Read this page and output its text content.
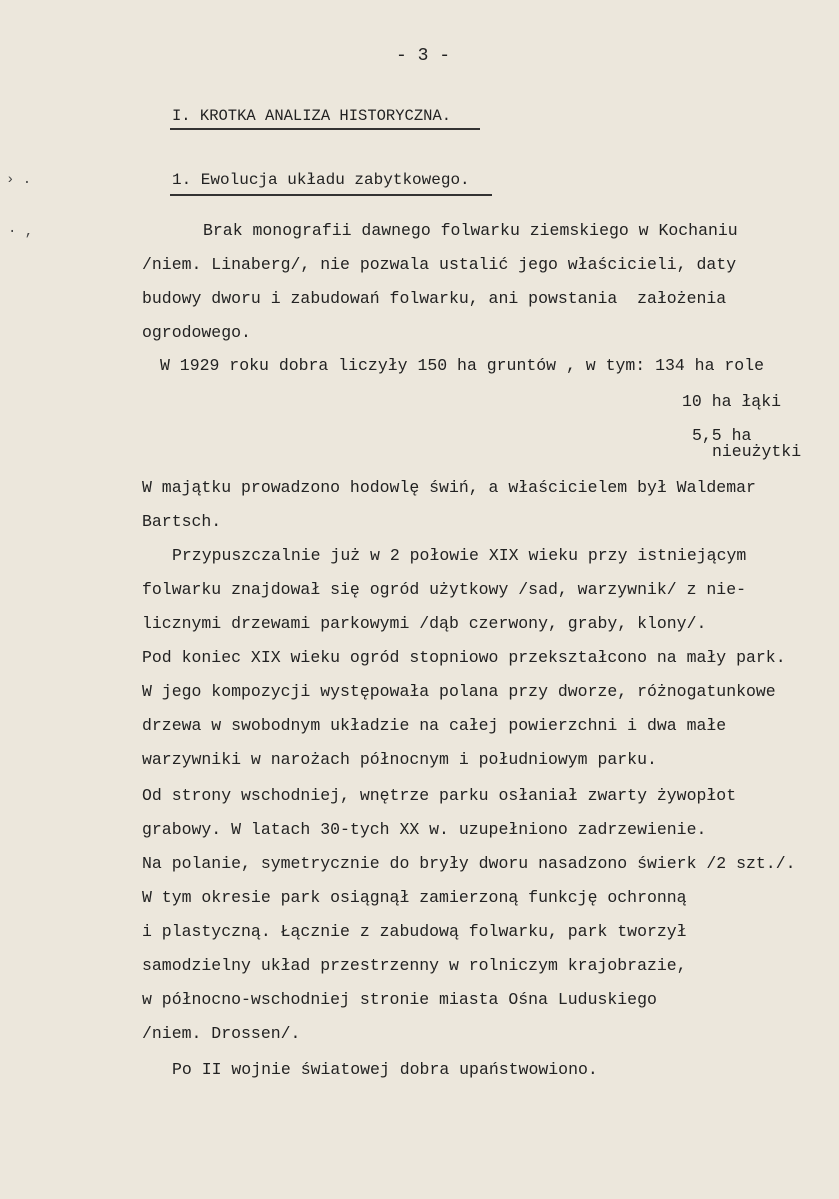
- 3 -
I. KROTKA ANALIZA HISTORYCZNA.
1. Ewolucja układu zabytkowego.
› .
· ,	Brak monografii dawnego folwarku ziemskiego w Kochaniu
/niem. Linaberg/, nie pozwala ustalić jego właścicieli, daty
budowy dworu i zabudowań folwarku, ani powstania  założenia
ogrodowego.
W 1929 roku dobra liczyły 150 ha gruntów , w tym: 134 ha role
10 ha łąki
5,5 ha
nieużytki
W majątku prowadzono hodowlę świń, a właścicielem był Waldemar
Bartsch.
Przypuszczalnie już w 2 połowie XIX wieku przy istniejącym
folwarku znajdował się ogród użytkowy /sad, warzywnik/ z nie-
licznymi drzewami parkowymi /dąb czerwony, graby, klony/.
Pod koniec XIX wieku ogród stopniowo przekształcono na mały park.
W jego kompozycji występowała polana przy dworze, różnogatunkowe
drzewa w swobodnym układzie na całej powierzchni i dwa małe
warzywniki w narożach północnym i południowym parku.
Od strony wschodniej, wnętrze parku osłaniał zwarty żywopłot
grabowy. W latach 30-tych XX w. uzupełniono zadrzewienie.
Na polanie, symetrycznie do bryły dworu nasadzono świerk /2 szt./.
W tym okresie park osiągnął zamierzoną funkcję ochronną
i plastyczną. Łącznie z zabudową folwarku, park tworzył
samodzielny układ przestrzenny w rolniczym krajobrazie,
w północno-wschodniej stronie miasta Ośna Luduskiego
/niem. Drossen/.
Po II wojnie światowej dobra upaństwowiono.
